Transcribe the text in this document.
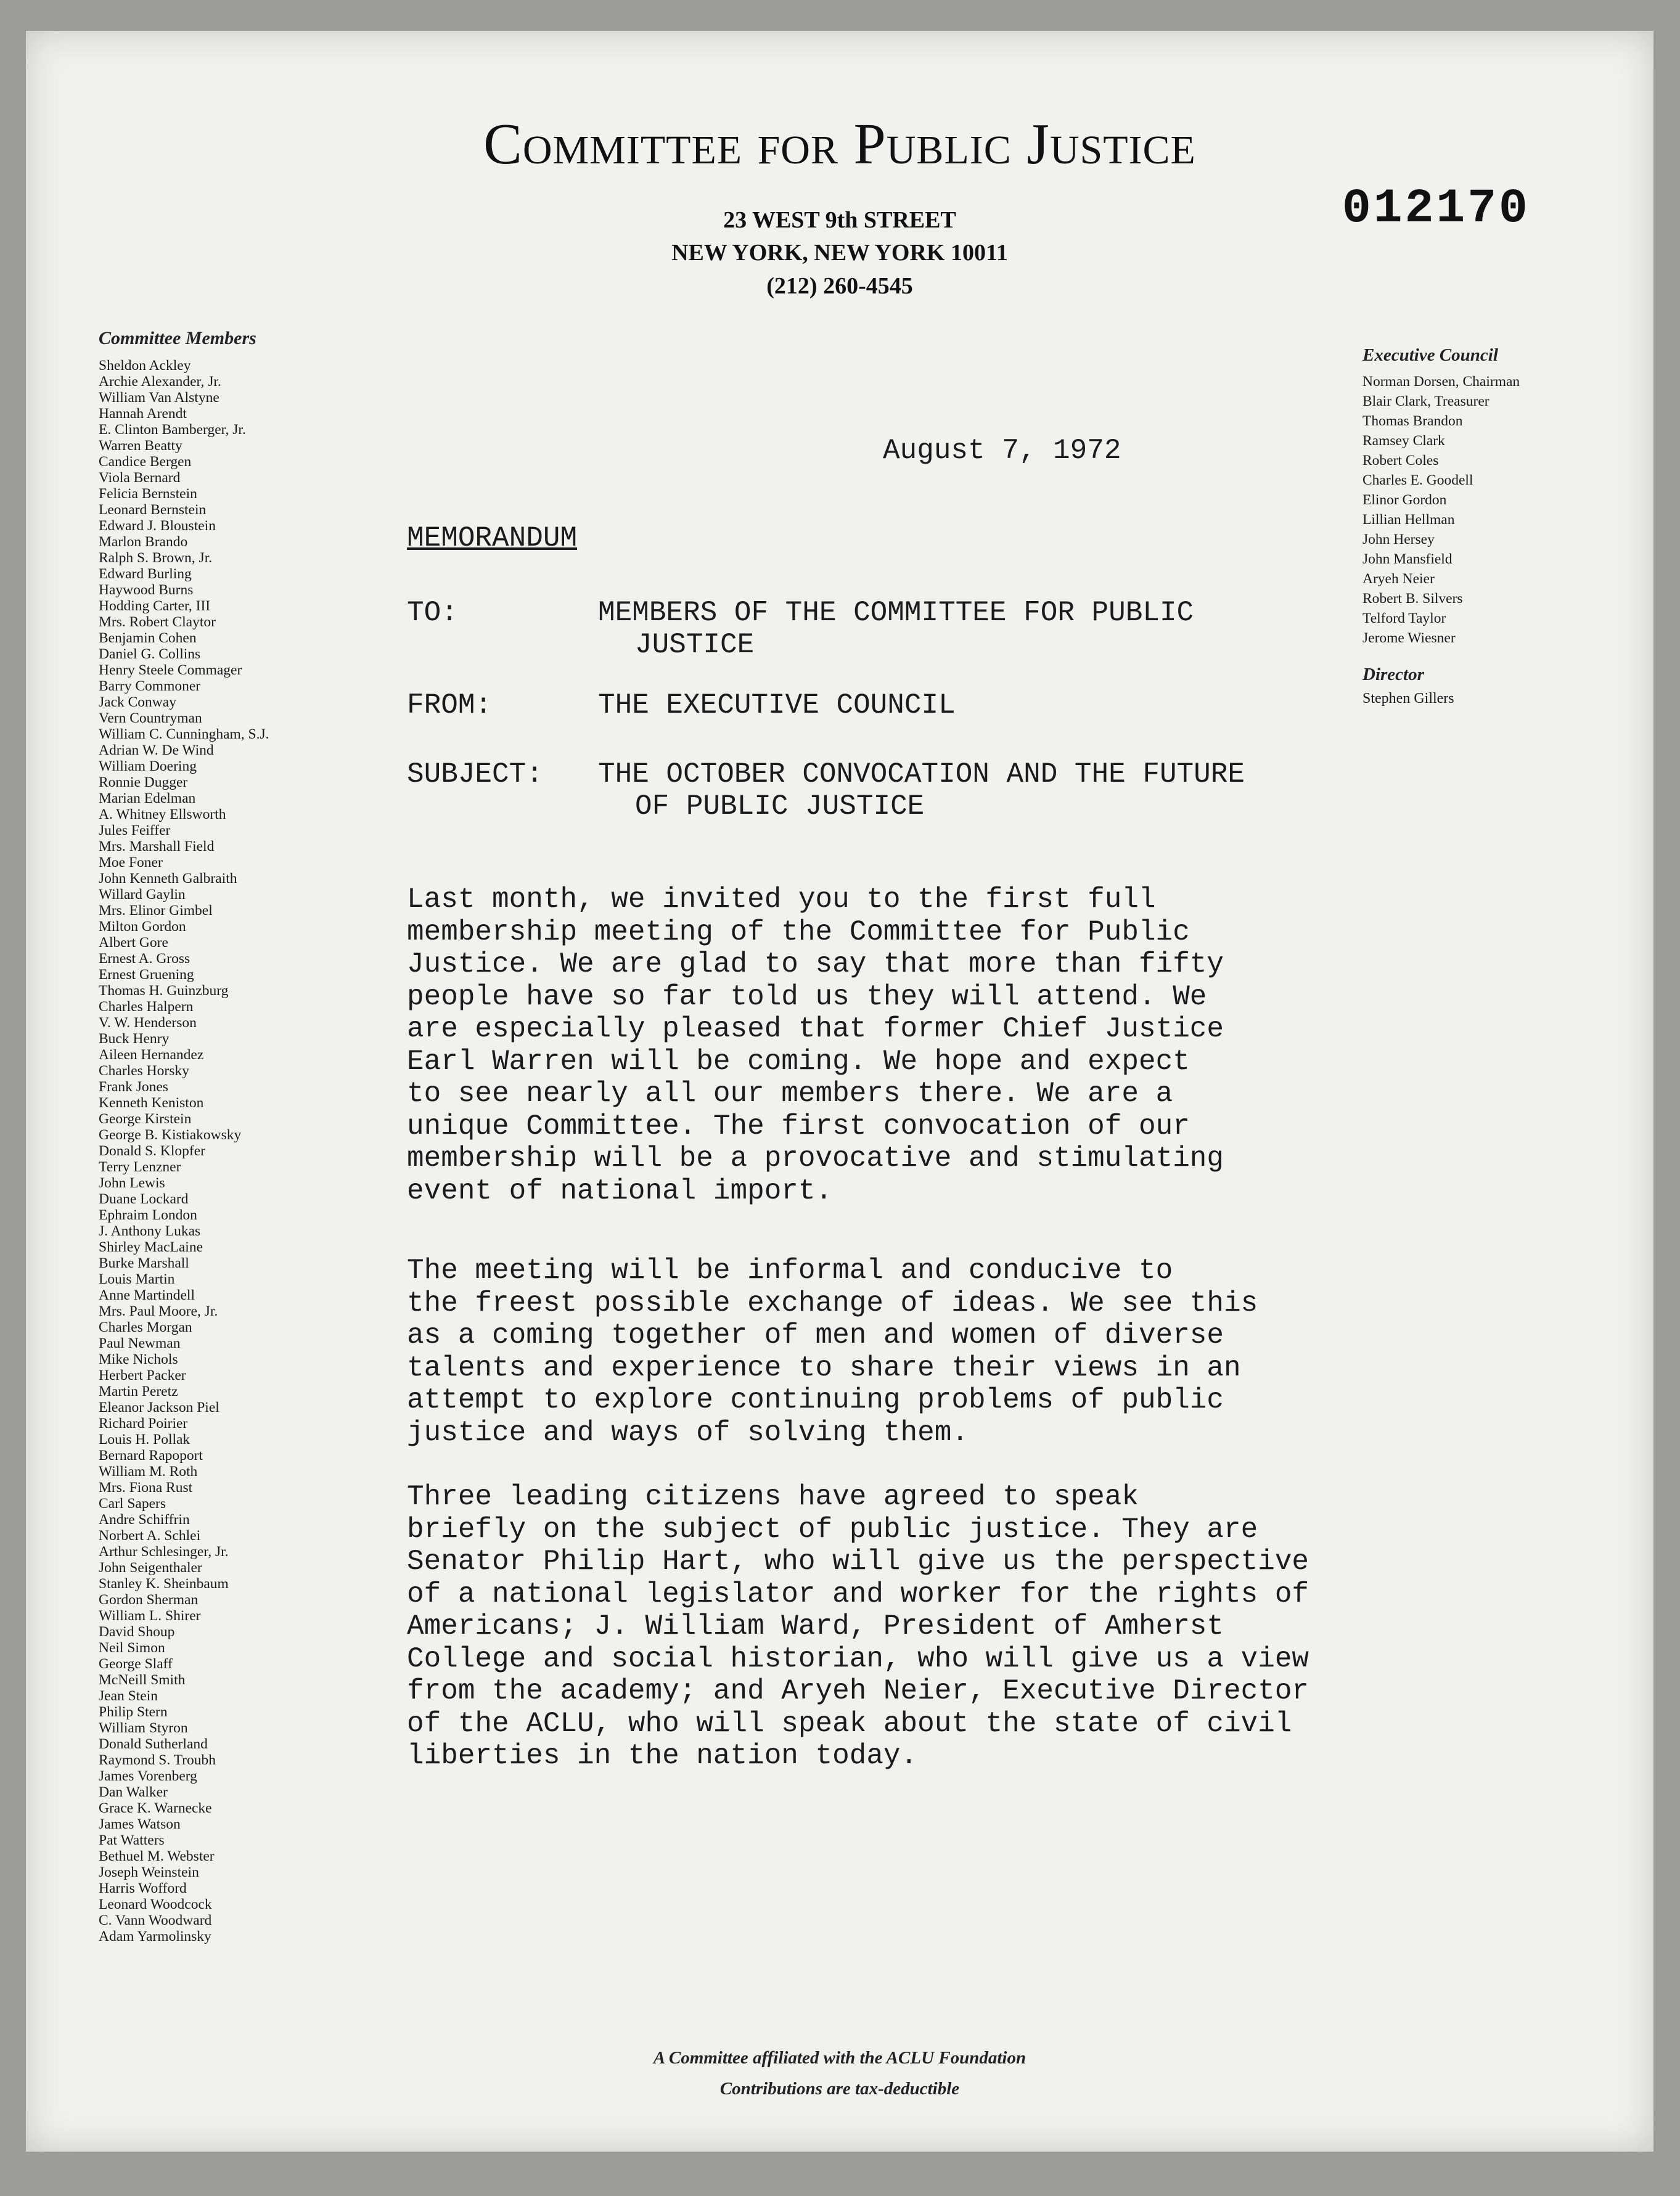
Committee for Public Justice
23 WEST 9th STREET
NEW YORK, NEW YORK 10011
(212) 260-4545
012170
Committee Members
Sheldon Ackley
Archie Alexander, Jr.
William Van Alstyne
Hannah Arendt
E. Clinton Bamberger, Jr.
Warren Beatty
Candice Bergen
Viola Bernard
Felicia Bernstein
Leonard Bernstein
Edward J. Bloustein
Marlon Brando
Ralph S. Brown, Jr.
Edward Burling
Haywood Burns
Hodding Carter, III
Mrs. Robert Claytor
Benjamin Cohen
Daniel G. Collins
Henry Steele Commager
Barry Commoner
Jack Conway
Vern Countryman
William C. Cunningham, S.J.
Adrian W. De Wind
William Doering
Ronnie Dugger
Marian Edelman
A. Whitney Ellsworth
Jules Feiffer
Mrs. Marshall Field
Moe Foner
John Kenneth Galbraith
Willard Gaylin
Mrs. Elinor Gimbel
Milton Gordon
Albert Gore
Ernest A. Gross
Ernest Gruening
Thomas H. Guinzburg
Charles Halpern
V. W. Henderson
Buck Henry
Aileen Hernandez
Charles Horsky
Frank Jones
Kenneth Keniston
George Kirstein
George B. Kistiakowsky
Donald S. Klopfer
Terry Lenzner
John Lewis
Duane Lockard
Ephraim London
J. Anthony Lukas
Shirley MacLaine
Burke Marshall
Louis Martin
Anne Martindell
Mrs. Paul Moore, Jr.
Charles Morgan
Paul Newman
Mike Nichols
Herbert Packer
Martin Peretz
Eleanor Jackson Piel
Richard Poirier
Louis H. Pollak
Bernard Rapoport
William M. Roth
Mrs. Fiona Rust
Carl Sapers
Andre Schiffrin
Norbert A. Schlei
Arthur Schlesinger, Jr.
John Seigenthaler
Stanley K. Sheinbaum
Gordon Sherman
William L. Shirer
David Shoup
Neil Simon
George Slaff
McNeill Smith
Jean Stein
Philip Stern
William Styron
Donald Sutherland
Raymond S. Troubh
James Vorenberg
Dan Walker
Grace K. Warnecke
James Watson
Pat Watters
Bethuel M. Webster
Joseph Weinstein
Harris Wofford
Leonard Woodcock
C. Vann Woodward
Adam Yarmolinsky
Executive Council
Norman Dorsen, Chairman
Blair Clark, Treasurer
Thomas Brandon
Ramsey Clark
Robert Coles
Charles E. Goodell
Elinor Gordon
Lillian Hellman
John Hersey
John Mansfield
Aryeh Neier
Robert B. Silvers
Telford Taylor
Jerome Wiesner
Director
Stephen Gillers
August 7, 1972
MEMORANDUM
TO:	MEMBERS OF THE COMMITTEE FOR PUBLIC
JUSTICE
FROM:	THE EXECUTIVE COUNCIL
SUBJECT: THE OCTOBER CONVOCATION AND THE FUTURE
OF PUBLIC JUSTICE
Last month, we invited you to the first full
membership meeting of the Committee for Public
Justice. We are glad to say that more than fifty
people have so far told us they will attend. We
are especially pleased that former Chief Justice
Earl Warren will be coming. We hope and expect
to see nearly all our members there. We are a
unique Committee. The first convocation of our
membership will be a provocative and stimulating
event of national import.
The meeting will be informal and conducive to
the freest possible exchange of ideas. We see this
as a coming together of men and women of diverse
talents and experience to share their views in an
attempt to explore continuing problems of public
justice and ways of solving them.
Three leading citizens have agreed to speak
briefly on the subject of public justice. They are
Senator Philip Hart, who will give us the perspective
of a national legislator and worker for the rights of
Americans; J. William Ward, President of Amherst
College and social historian, who will give us a view
from the academy; and Aryeh Neier, Executive Director
of the ACLU, who will speak about the state of civil
liberties in the nation today.
A Committee affiliated with the ACLU Foundation
Contributions are tax-deductible
